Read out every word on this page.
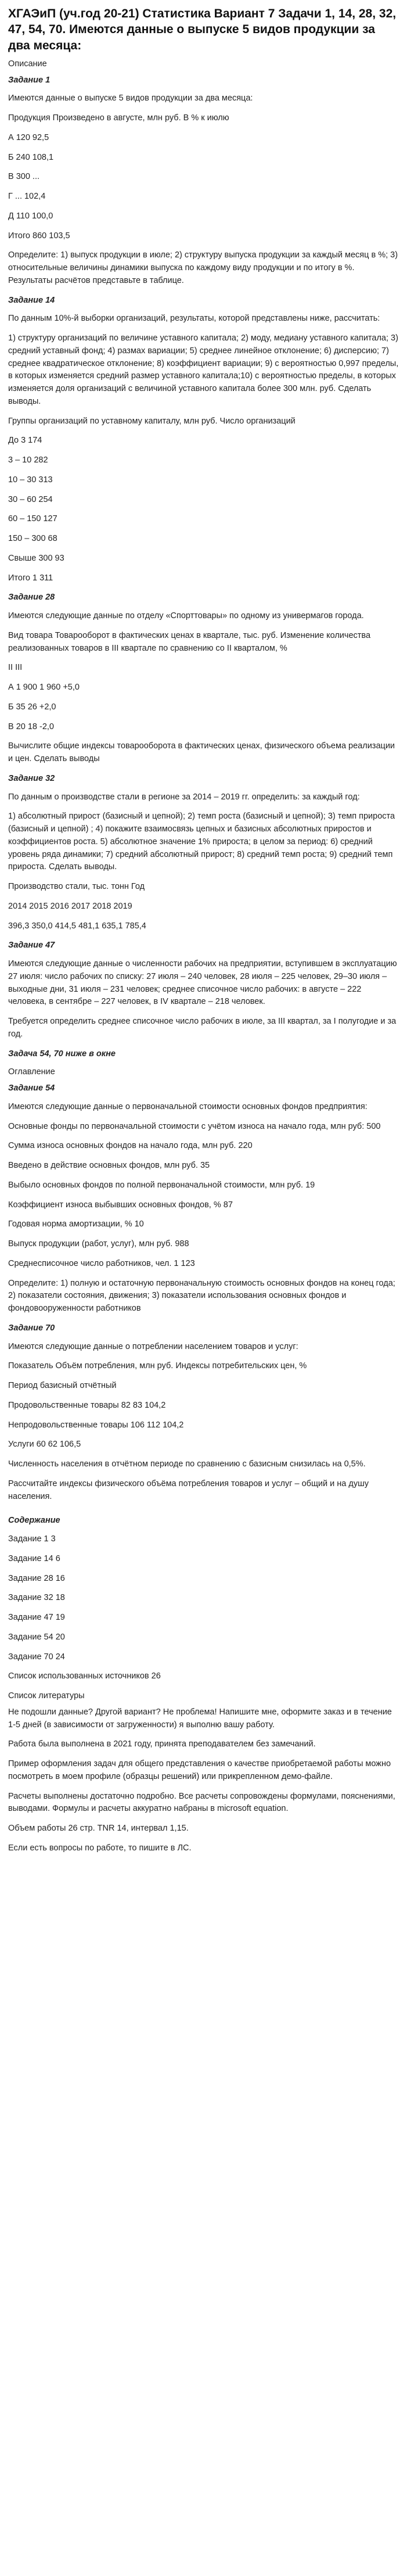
ХГАЭиП (уч.год 20-21) Статистика Вариант 7 Задачи 1, 14, 28, 32, 47, 54, 70. Имеются данные о выпуске 5 видов продукции за два месяца:

Описание

Задание 1

Имеются данные о выпуске 5 видов продукции за два месяца:

Продукция Произведено в августе, млн руб. В % к июлю

А 120 92,5

Б 240 108,1

В 300 ...

Г ... 102,4

Д 110 100,0

Итого 860 103,5

Определите: 1) выпуск продукции в июле; 2) структуру выпуска продукции за каждый месяц в %; 3) относительные величины динамики выпуска по каждому виду продукции и по итогу в %. Результаты расчётов представьте в таблице.

Задание 14

По данным 10%-й выборки организаций, результаты, которой представлены ниже, рассчитать:

1) структуру организаций по величине уставного капитала; 2) моду, медиану уставного капитала; 3) средний уставный фонд; 4) размах вариации; 5) среднее линейное отклонение; 6) дисперсию; 7) среднее квадратическое отклонение; 8) коэффициент вариации; 9) с вероятностью 0,997 пределы, в которых изменяется средний размер уставного капитала;10) с вероятностью пределы, в которых изменяется доля организаций с величиной уставного капитала более 300 млн. руб. Сделать выводы.

Группы организаций по уставному капиталу, млн руб. Число организаций

До 3 174

3 – 10 282

10 – 30 313

30 – 60 254

60 – 150 127

150 – 300 68

Свыше 300 93

Итого 1 311

Задание 28

Имеются следующие данные по отделу «Спорттовары» по одному из универмагов города.

Вид товара Товарооборот в фактических ценах в квартале, тыс. руб. Изменение количества реализованных товаров в III квартале по сравнению со II кварталом, %

II III

А 1 900 1 960 +5,0

Б 35 26 +2,0

В 20 18 -2,0

Вычислите общие индексы товарооборота в фактических ценах, физического объема реализации и цен. Сделать выводы

Задание 32

По данным о производстве стали в регионе за 2014 – 2019 гг. определить: за каждый год:

1) абсолютный прирост (базисный и цепной); 2) темп роста (базисный и цепной); 3) темп прироста (базисный и цепной) ; 4) покажите взаимосвязь цепных и базисных абсолютных приростов и коэффициентов роста. 5) абсолютное значение 1% прироста; в целом за период: 6) средний уровень ряда динамики; 7) средний абсолютный прирост; 8) средний темп роста; 9) средний темп прироста. Сделать выводы.

Производство стали, тыс. тонн Год

2014 2015 2016 2017 2018 2019

396,3 350,0 414,5 481,1 635,1 785,4

Задание 47

Имеются следующие данные о численности рабочих на предприятии, вступившем в эксплуатацию 27 июля: число рабочих по списку: 27 июля – 240 человек, 28 июля – 225 человек, 29–30 июля – выходные дни, 31 июля – 231 человек; среднее списочное число рабочих: в августе – 222 человека, в сентябре – 227 человек, в IV квартале – 218 человек.

Требуется определить среднее списочное число рабочих в июле, за III квартал, за I полугодие и за год.

Задача 54, 70 ниже в окне

Оглавление

Задание 54

Имеются следующие данные о первоначальной стоимости основных фондов предприятия:

Основные фонды по первоначальной стоимости с учётом износа на начало года, млн руб: 500

Сумма износа основных фондов на начало года, млн руб. 220

Введено в действие основных фондов, млн руб. 35

Выбыло основных фондов по полной первоначальной стоимости, млн руб. 19

Коэффициент износа выбывших основных фондов, % 87

Годовая норма амортизации, % 10

Выпуск продукции (работ, услуг), млн руб. 988

Среднесписочное число работников, чел. 1 123

Определите: 1) полную и остаточную первоначальную стоимость основных фондов на конец года; 2) показатели состояния, движения; 3) показатели использования основных фондов и фондовооруженности работников

Задание 70

Имеются следующие данные о потреблении населением товаров и услуг:

Показатель Объём потребления, млн руб. Индексы потребительских цен, %

Период базисный отчётный

Продовольственные товары 82 83 104,2

Непродовольственные товары 106 112 104,2

Услуги 60 62 106,5

Численность населения в отчётном периоде по сравнению с базисным снизилась на 0,5%.

Рассчитайте индексы физического объёма потребления товаров и услуг – общий и на душу населения.

Содержание

Задание 1 3
Задание 14 6
Задание 28 16
Задание 32 18
Задание 47 19
Задание 54 20
Задание 70 24
Список использованных источников 26

Список литературы

Не подошли данные? Другой вариант? Не проблема! Напишите мне, оформите заказ и в течение 1-5 дней (в зависимости от загруженности) я выполню вашу работу.

Работа была выполнена в 2021 году, принята преподавателем без замечаний.

Пример оформления задач для общего представления о качестве приобретаемой работы можно посмотреть в моем профиле (образцы решений) или прикрепленном демо-файле.

Расчеты выполнены достаточно подробно. Все расчеты сопровождены формулами, пояснениями, выводами. Формулы и расчеты аккуратно набраны в microsoft equation.

Объем работы 26 стр. TNR 14, интервал 1,15.

Если есть вопросы по работе, то пишите в ЛС.
